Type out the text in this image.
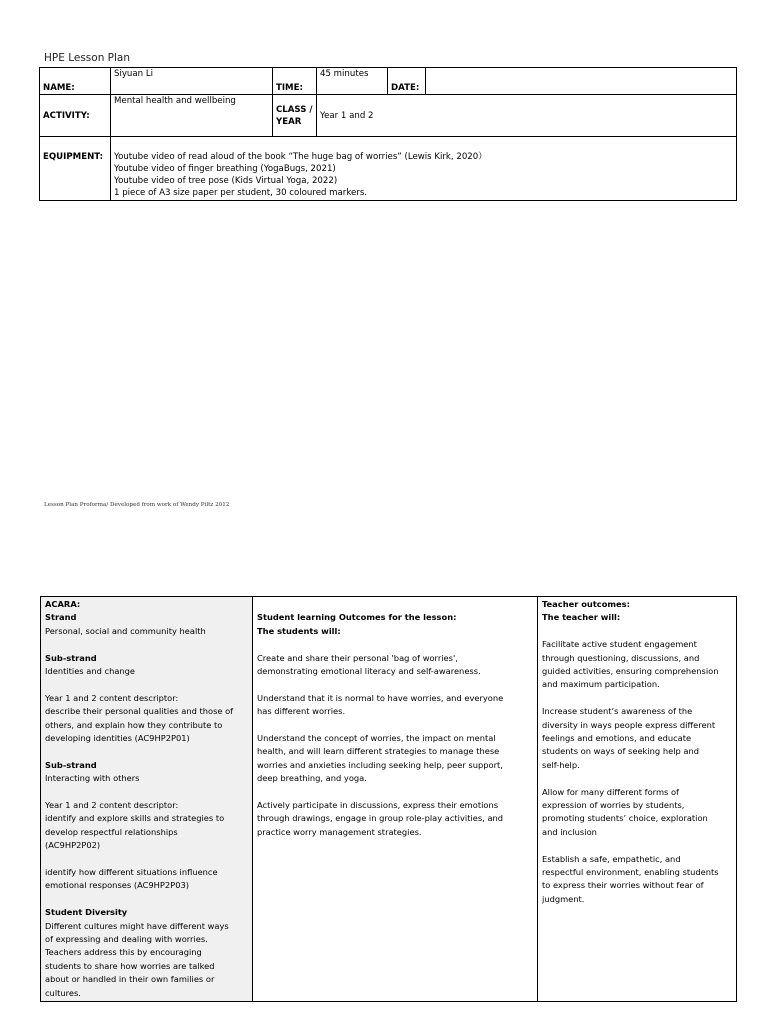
HPE Lesson Plan
NAME:	Siyuan Li	TIME:	45 minutes	DATE:	
ACTIVITY:	Mental health and wellbeing	CLASS /
YEAR	Year 1 and 2		
EQUIPMENT:	Youtube video of read aloud of the book “The huge bag of worries” (Lewis Kirk, 2020）
Youtube video of finger breathing (YogaBugs, 2021)
Youtube video of tree pose (Kids Virtual Yoga, 2022)
1 piece of A3 size paper per student, 30 coloured markers.				
Lesson Plan Proforma/ Developed from work of Wendy Piltz 2012
ACARA:
Strand
Personal, social and community health
Sub-strand
Identities and change
Year 1 and 2 content descriptor:
describe their personal qualities and those of
others, and explain how they contribute to
developing identities (AC9HP2P01)
Sub-strand
Interacting with others
Year 1 and 2 content descriptor:
identify and explore skills and strategies to
develop respectful relationships
(AC9HP2P02)
identify how different situations influence
emotional responses (AC9HP2P03)
Student Diversity
Different cultures might have different ways
of expressing and dealing with worries.
Teachers address this by encouraging
students to share how worries are talked
about or handled in their own families or
cultures.

Student learning Outcomes for the lesson:
The students will:
Create and share their personal 'bag of worries',
demonstrating emotional literacy and self-awareness.
Understand that it is normal to have worries, and everyone
has different worries.
Understand the concept of worries, the impact on mental
health, and will learn different strategies to manage these
worries and anxieties including seeking help, peer support,
deep breathing, and yoga.
Actively participate in discussions, express their emotions
through drawings, engage in group role-play activities, and
practice worry management strategies.

Teacher outcomes:
The teacher will:
Facilitate active student engagement
through questioning, discussions, and
guided activities, ensuring comprehension
and maximum participation.
Increase student’s awareness of the
diversity in ways people express different
feelings and emotions, and educate
students on ways of seeking help and
self-help.
Allow for many different forms of
expression of worries by students,
promoting students’ choice, exploration
and inclusion
Establish a safe, empathetic, and
respectful environment, enabling students
to express their worries without fear of
judgment.
